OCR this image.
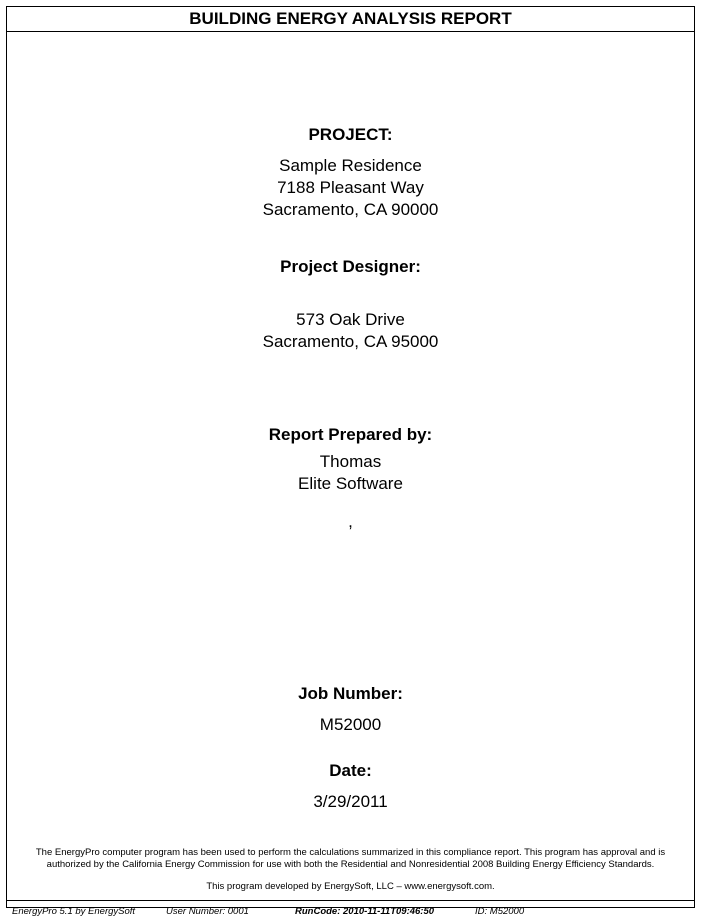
BUILDING ENERGY ANALYSIS REPORT
PROJECT:
Sample Residence
7188 Pleasant Way
Sacramento, CA 90000
Project Designer:
573 Oak Drive
Sacramento, CA 95000
Report Prepared by:
Thomas
Elite Software
,
Job Number:
M52000
Date:
3/29/2011
The EnergyPro computer program has been used to perform the calculations summarized in this compliance report. This program has approval and is
authorized by the California Energy Commission for use with both the Residential and Nonresidential 2008 Building Energy Efficiency Standards.
This program developed by EnergySoft, LLC – www.energysoft.com.
EnergyPro 5.1 by EnergySoft	User Number: 0001	RunCode: 2010-11-11T09:46:50	ID: M52000
